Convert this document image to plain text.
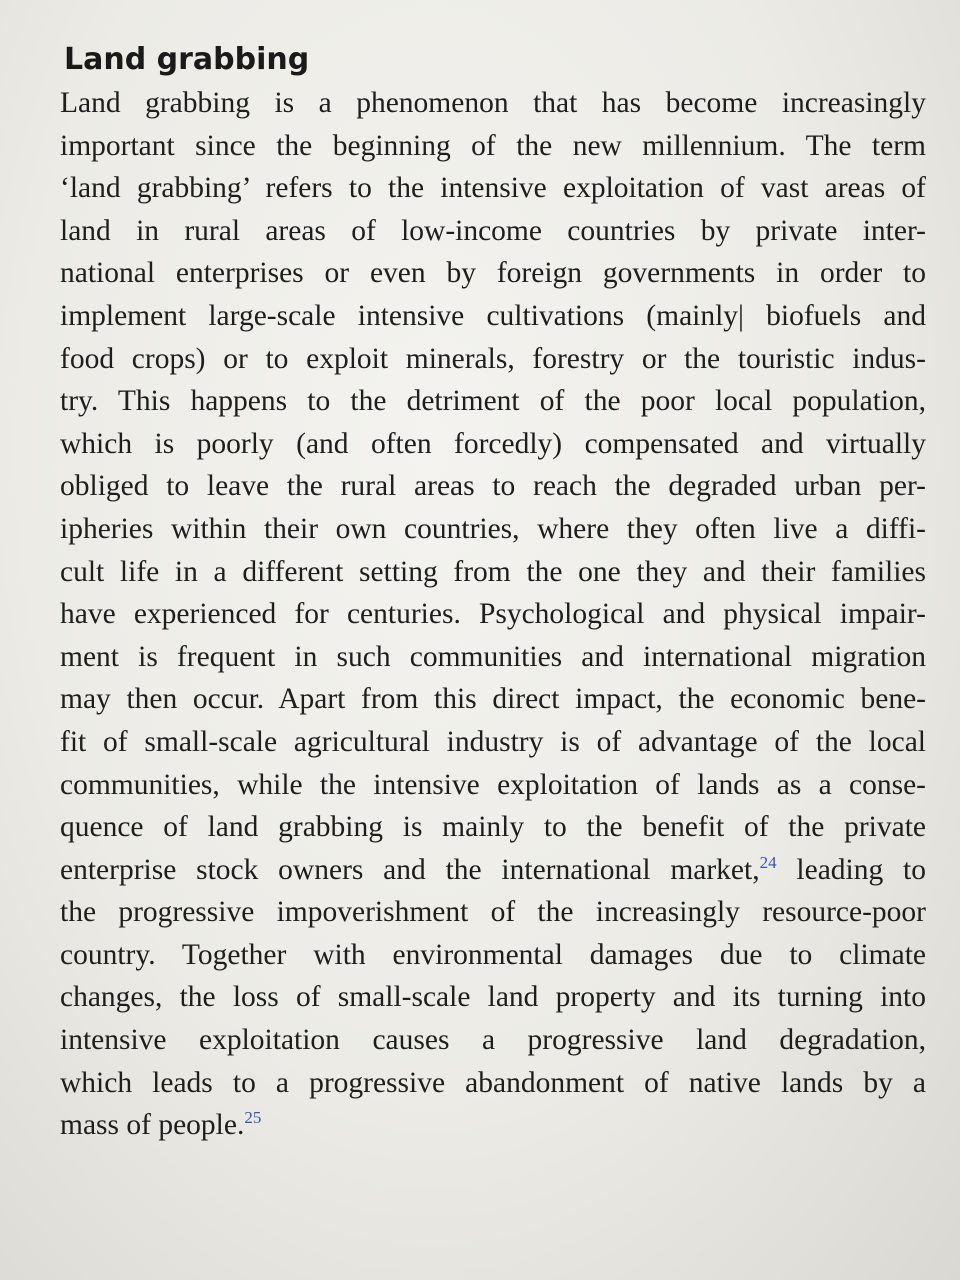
Land grabbing
Land grabbing is a phenomenon that has become increasingly
important since the beginning of the new millennium. The term
‘land grabbing’ refers to the intensive exploitation of vast areas of
land in rural areas of low-income countries by private inter-
national enterprises or even by foreign governments in order to
implement large-scale intensive cultivations (mainly| biofuels and
food crops) or to exploit minerals, forestry or the touristic indus-
try. This happens to the detriment of the poor local population,
which is poorly (and often forcedly) compensated and virtually
obliged to leave the rural areas to reach the degraded urban per-
ipheries within their own countries, where they often live a diffi-
cult life in a different setting from the one they and their families
have experienced for centuries. Psychological and physical impair-
ment is frequent in such communities and international migration
may then occur. Apart from this direct impact, the economic bene-
fit of small-scale agricultural industry is of advantage of the local
communities, while the intensive exploitation of lands as a conse-
quence of land grabbing is mainly to the benefit of the private
enterprise stock owners and the international market,$^{24}$ leading to
the progressive impoverishment of the increasingly resource-poor
country. Together with environmental damages due to climate
changes, the loss of small-scale land property and its turning into
intensive exploitation causes a progressive land degradation,
which leads to a progressive abandonment of native lands by a
mass of people.$^{25}$
